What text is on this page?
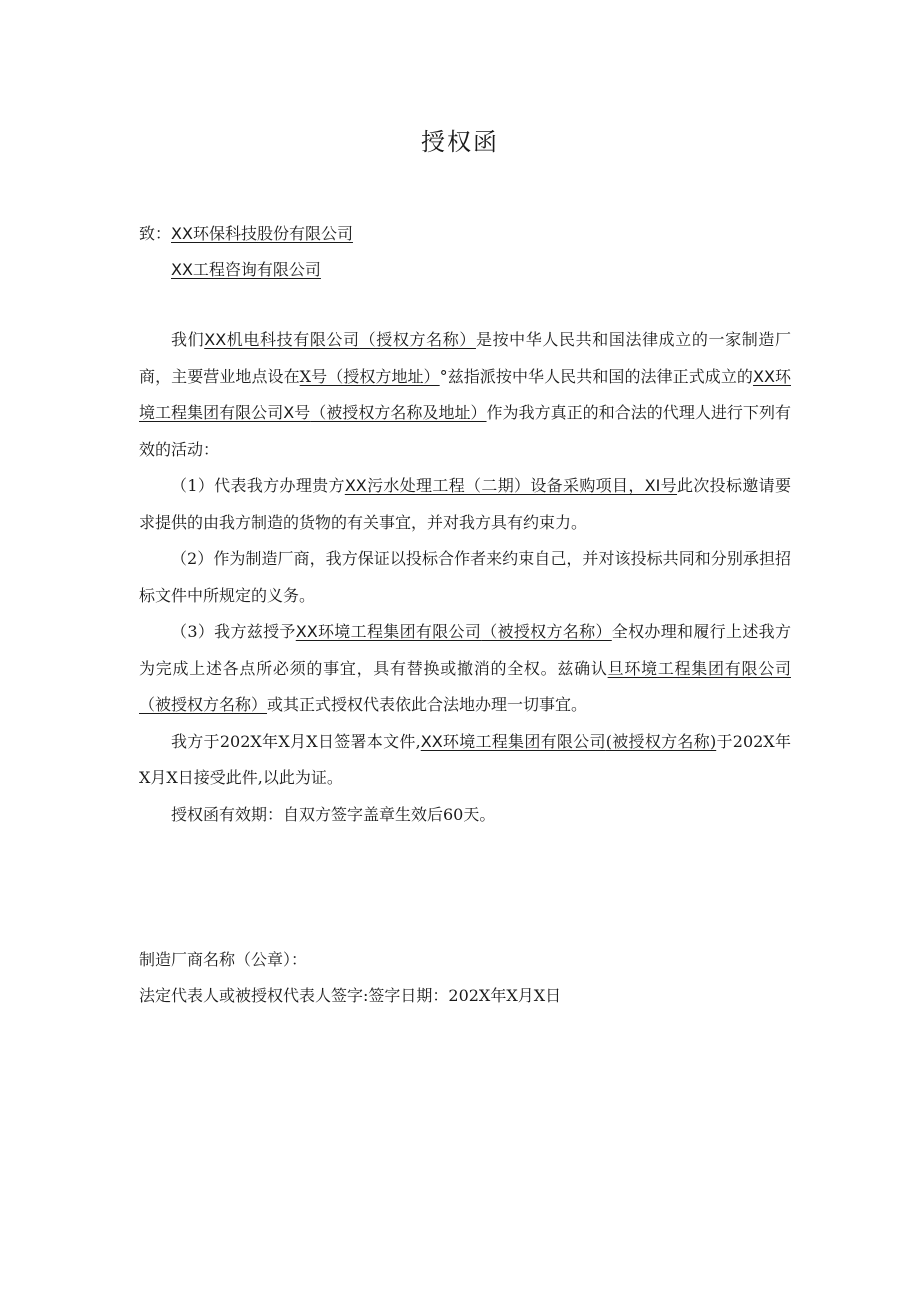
授权函
致：XX环保科技股份有限公司
XX工程咨询有限公司

我们XX机电科技有限公司（授权方名称）是按中华人民共和国法律成立的一家制造厂商，主要营业地点设在X号（授权方地址）°兹指派按中华人民共和国的法律正式成立的XX环境工程集团有限公司X号（被授权方名称及地址）作为我方真正的和合法的代理人进行下列有效的活动：

（1）代表我方办理贵方XX污水处理工程（二期）设备采购项目，XI号此次投标邀请要求提供的由我方制造的货物的有关事宜，并对我方具有约束力。

（2）作为制造厂商，我方保证以投标合作者来约束自己，并对该投标共同和分别承担招标文件中所规定的义务。

（3）我方兹授予XX环境工程集团有限公司（被授权方名称）全权办理和履行上述我方为完成上述各点所必须的事宜，具有替换或撤消的全权。兹确认旦环境工程集团有限公司（被授权方名称）或其正式授权代表依此合法地办理一切事宜。

我方于202X年X月X日签署本文件,XX环境工程集团有限公司(被授权方名称)于202X年X月X日接受此件,以此为证。

授权函有效期：自双方签字盖章生效后60天。

制造厂商名称（公章）：
法定代表人或被授权代表人签字:签字日期：202X年X月X日
